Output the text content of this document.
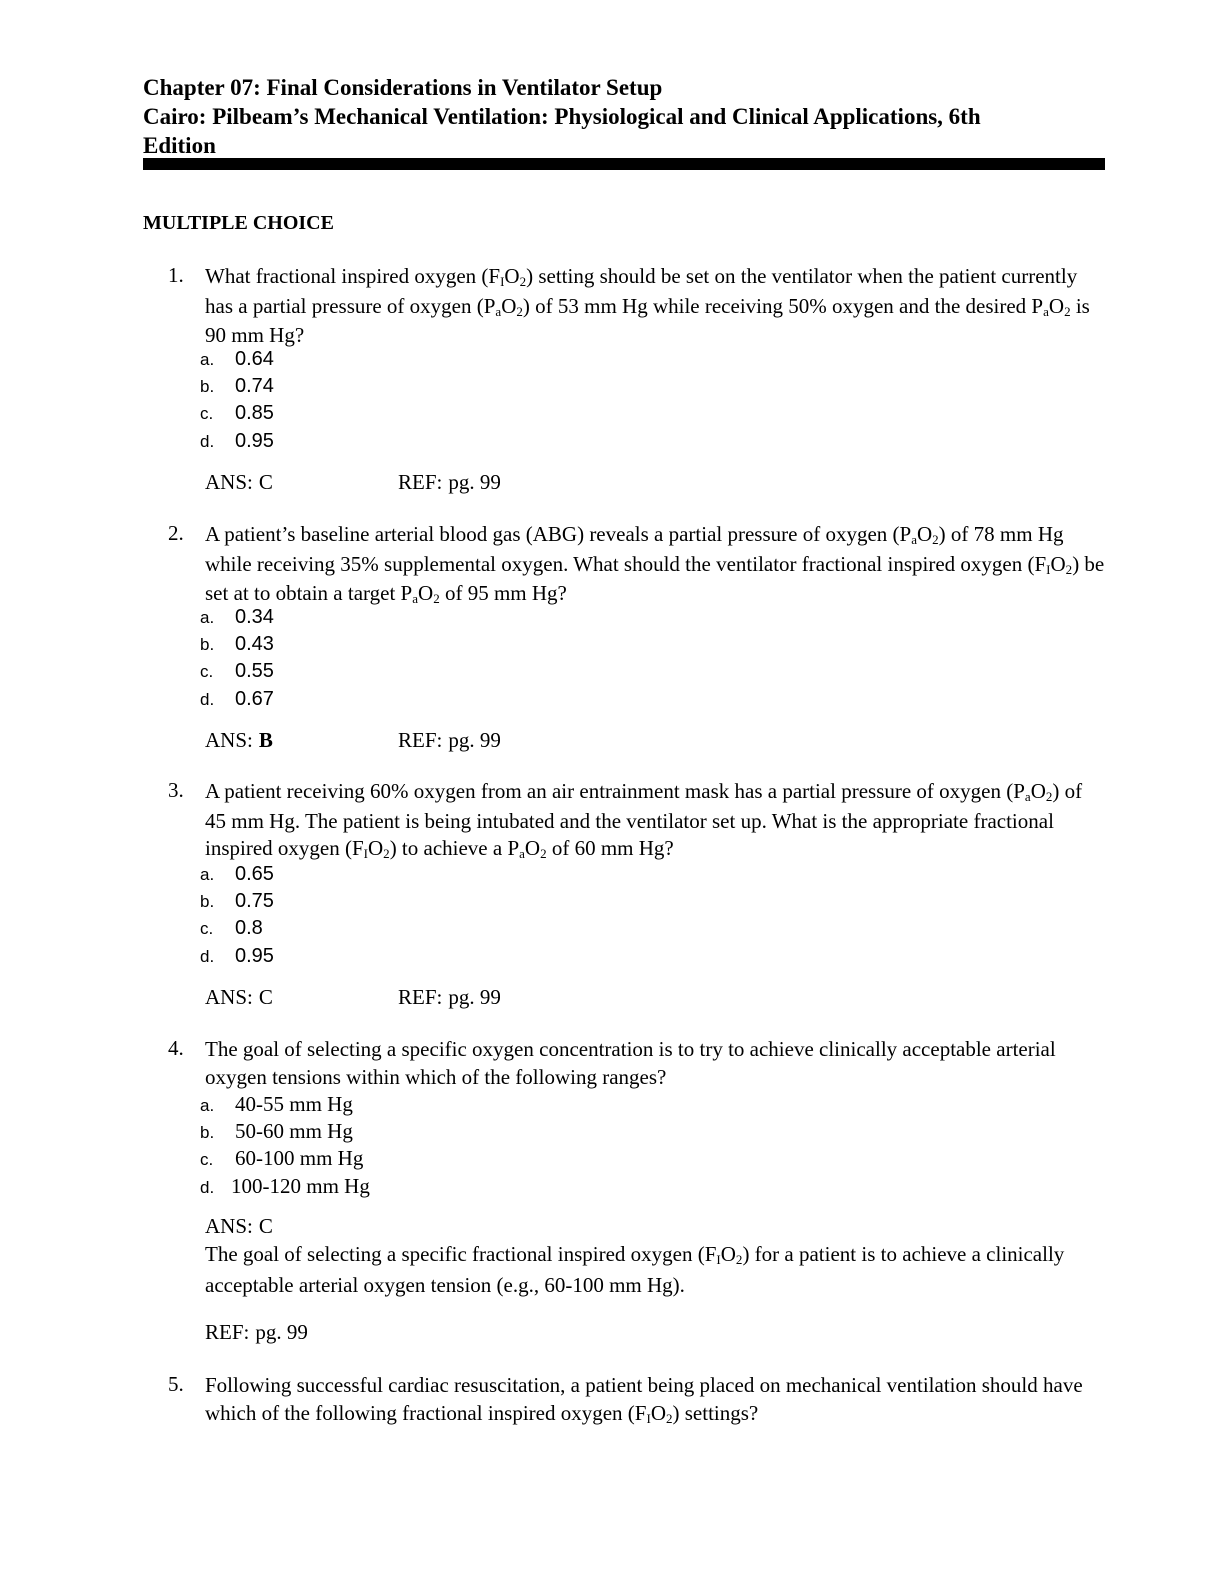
Chapter 07: Final Considerations in Ventilator Setup
Cairo: Pilbeam’s Mechanical Ventilation: Physiological and Clinical Applications, 6th
Edition
MULTIPLE CHOICE
1.	What fractional inspired oxygen (FIO2) setting should be set on the ventilator when the patient currently has a partial pressure of oxygen (PaO2) of 53 mm Hg while receiving 50% oxygen and the desired PaO2 is 90 mm Hg?
a. 0.64
b. 0.74
c. 0.85
d. 0.95
ANS: C	REF: pg. 99
2.	A patient’s baseline arterial blood gas (ABG) reveals a partial pressure of oxygen (PaO2) of 78 mm Hg while receiving 35% supplemental oxygen. What should the ventilator fractional inspired oxygen (FIO2) be set at to obtain a target PaO2 of 95 mm Hg?
a. 0.34
b. 0.43
c. 0.55
d. 0.67
ANS: B	REF: pg. 99
3.	A patient receiving 60% oxygen from an air entrainment mask has a partial pressure of oxygen (PaO2) of 45 mm Hg. The patient is being intubated and the ventilator set up. What is the appropriate fractional inspired oxygen (FIO2) to achieve a PaO2 of 60 mm Hg?
a. 0.65
b. 0.75
c. 0.8
d. 0.95
ANS: C	REF: pg. 99
4.	The goal of selecting a specific oxygen concentration is to try to achieve clinically acceptable arterial oxygen tensions within which of the following ranges?
a. 40-55 mm Hg
b. 50-60 mm Hg
c. 60-100 mm Hg
d. 100-120 mm Hg
ANS: C
The goal of selecting a specific fractional inspired oxygen (FIO2) for a patient is to achieve a clinically acceptable arterial oxygen tension (e.g., 60-100 mm Hg).
REF: pg. 99
5.	Following successful cardiac resuscitation, a patient being placed on mechanical ventilation should have which of the following fractional inspired oxygen (FIO2) settings?
